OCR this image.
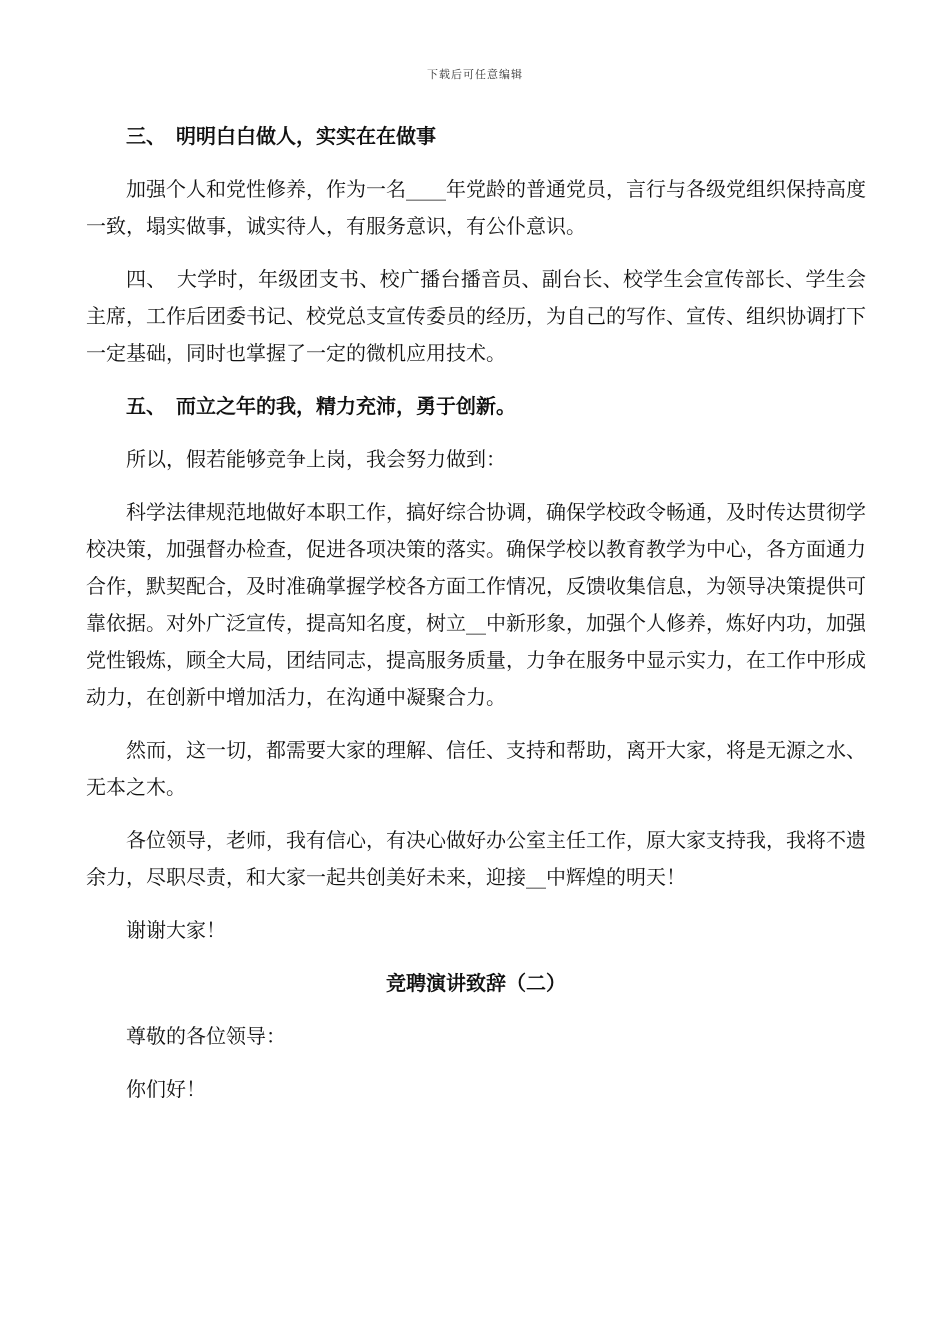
下载后可任意编辑

三、　明明白白做人，实实在在做事

加强个人和党性修养，作为一名____年党龄的普通党员，言行与各级党组织保持高度一致，塌实做事，诚实待人，有服务意识，有公仆意识。

四、　大学时，年级团支书、校广播台播音员、副台长、校学生会宣传部长、学生会主席，工作后团委书记、校党总支宣传委员的经历，为自己的写作、宣传、组织协调打下一定基础，同时也掌握了一定的微机应用技术。

五、　而立之年的我，精力充沛，勇于创新。

所以，假若能够竞争上岗，我会努力做到：

科学法律规范地做好本职工作，搞好综合协调，确保学校政令畅通，及时传达贯彻学校决策，加强督办检查，促进各项决策的落实。确保学校以教育教学为中心，各方面通力合作，默契配合，及时准确掌握学校各方面工作情况，反馈收集信息，为领导决策提供可靠依据。对外广泛宣传，提高知名度，树立__中新形象，加强个人修养，炼好内功，加强党性锻炼，顾全大局，团结同志，提高服务质量，力争在服务中显示实力，在工作中形成动力，在创新中增加活力，在沟通中凝聚合力。

然而，这一切，都需要大家的理解、信任、支持和帮助，离开大家，将是无源之水、无本之木。

各位领导，老师，我有信心，有决心做好办公室主任工作，原大家支持我，我将不遗余力，尽职尽责，和大家一起共创美好未来，迎接__中辉煌的明天！

谢谢大家！

竞聘演讲致辞（二）

尊敬的各位领导：

你们好！
